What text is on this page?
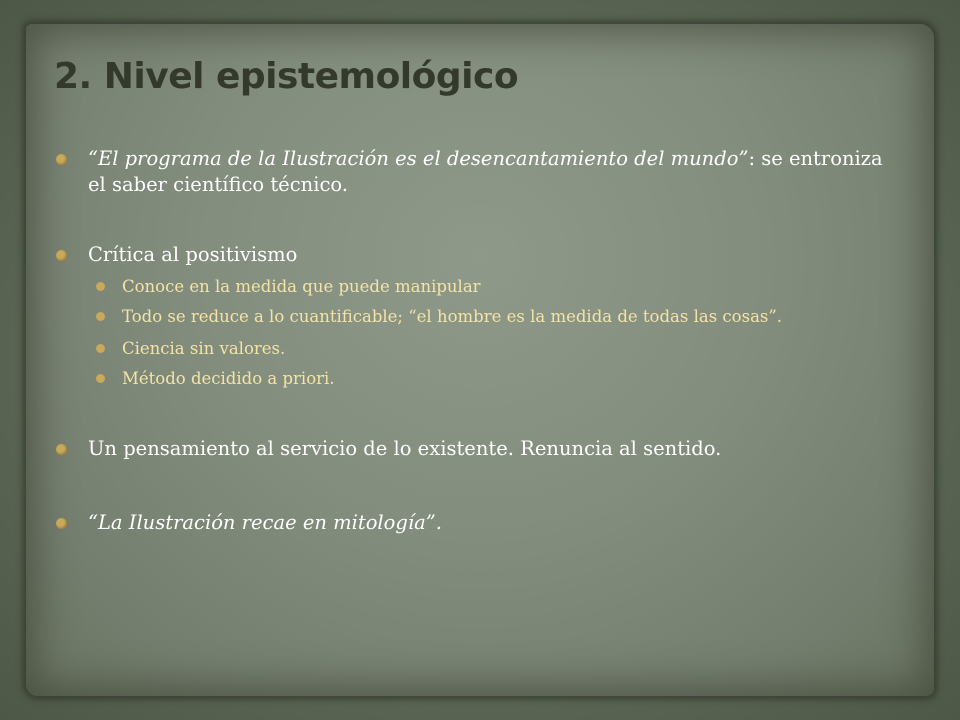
2. Nivel epistemológico
“El programa de la Ilustración es el desencantamiento del mundo”: se entroniza el saber científico técnico.
Crítica al positivismo
Conoce en la medida que puede manipular
Todo se reduce a lo cuantificable; “el hombre es la medida de todas las cosas”.
Ciencia sin valores.
Método decidido a priori.
Un pensamiento al servicio de lo existente. Renuncia al sentido.
“La Ilustración recae en mitología”.
